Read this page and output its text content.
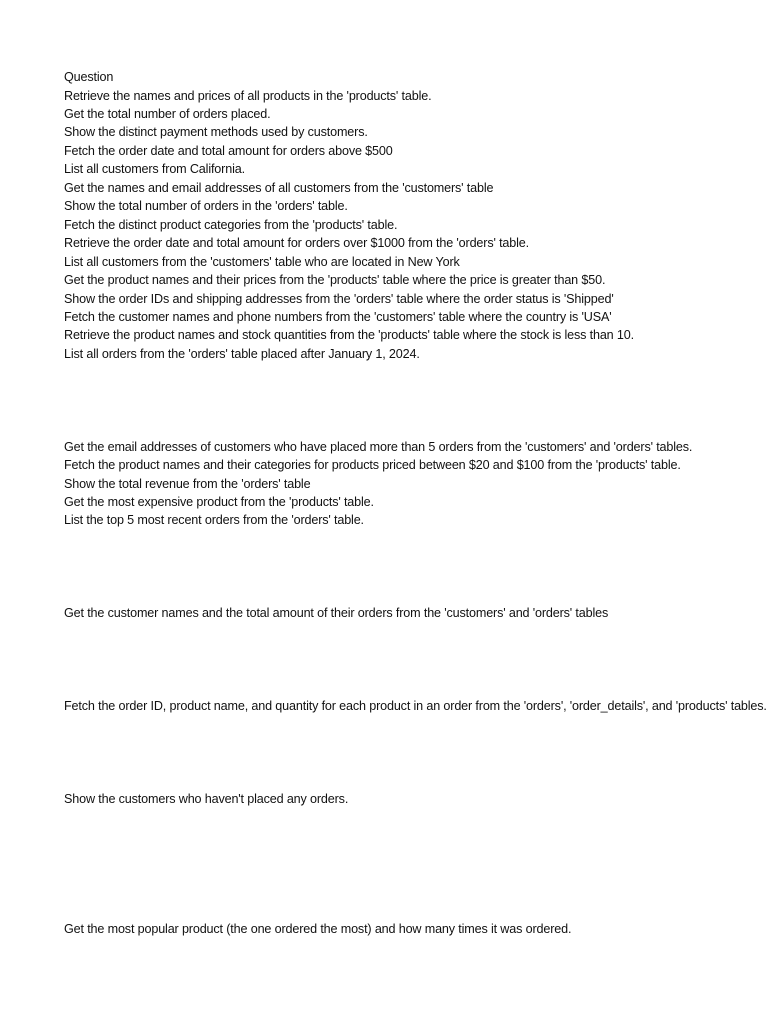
Question
Retrieve the names and prices of all products in the 'products' table.
Get the total number of orders placed.
Show the distinct payment methods used by customers.
Fetch the order date and total amount for orders above $500
List all customers from California.
Get the names and email addresses of all customers from the 'customers' table
Show the total number of orders in the 'orders' table.
Fetch the distinct product categories from the 'products' table.
Retrieve the order date and total amount for orders over $1000 from the 'orders' table.
List all customers from the 'customers' table who are located in New York
Get the product names and their prices from the 'products' table where the price is greater than $50.
Show the order IDs and shipping addresses from the 'orders' table where the order status is 'Shipped'
Fetch the customer names and phone numbers from the 'customers' table where the country is 'USA'
Retrieve the product names and stock quantities from the 'products' table where the stock is less than 10.
List all orders from the 'orders' table placed after January 1, 2024.
Get the email addresses of customers who have placed more than 5 orders from the 'customers' and 'orders' tables.
Fetch the product names and their categories for products priced between $20 and $100 from the 'products' table.
Show the total revenue from the 'orders' table
Get the most expensive product from the 'products' table.
List the top 5 most recent orders from the 'orders' table.
Get the customer names and the total amount of their orders from the 'customers' and 'orders' tables
Fetch the order ID, product name, and quantity for each product in an order from the 'orders', 'order_details', and 'products' tables.
Show the customers who haven't placed any orders.
Get the most popular product (the one ordered the most) and how many times it was ordered.
